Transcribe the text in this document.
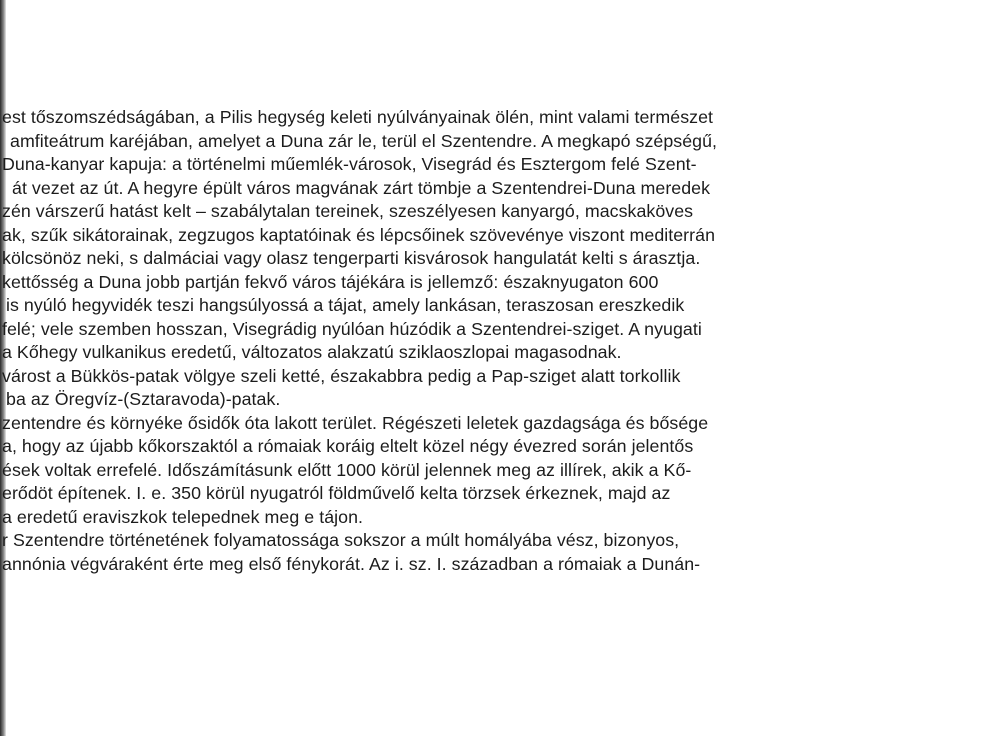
est tőszomszédságában, a Pilis hegység keleti nyúlványainak ölén, mint valami természet
amfiteátrum karéjában, amelyet a Duna zár le, terül el Szentendre. A megkapó szépségű,
Duna-kanyar kapuja: a történelmi műemlék-városok, Visegrád és Esztergom felé Szent-
át vezet az út. A hegyre épült város magvának zárt tömbje a Szentendrei-Duna meredek
zén várszerű hatást kelt – szabálytalan tereinek, szeszélyesen kanyargó, macskaköves
ak, szűk sikátorainak, zegzugos kaptatóinak és lépcsőinek szövevénye viszont mediterrán
kölcsönöz neki, s dalmáciai vagy olasz tengerparti kisvárosok hangulatát kelti s árasztja.
kettősség a Duna jobb partján fekvő város tájékára is jellemző: északnyugaton 600
is nyúló hegyvidék teszi hangsúlyossá a tájat, amely lankásan, teraszosan ereszkedik
felé; vele szemben hosszan, Visegrádig nyúlóan húzódik a Szentendrei-sziget. A nyugati
a Kőhegy vulkanikus eredetű, változatos alakzatú sziklaoszlopai magasodnak.
várost a Bükkös-patak völgye szeli ketté, északabbra pedig a Pap-sziget alatt torkollik
ba az Öregvíz-(Sztaravoda)-patak.
zentendre és környéke ősidők óta lakott terület. Régészeti leletek gazdagsága és bősége
a, hogy az újabb kőkorszaktól a rómaiak koráig eltelt közel négy évezred során jelentős
ések voltak errefelé. Időszámításunk előtt 1000 körül jelennek meg az illírek, akik a Kő-
erődöt építenek. I. e. 350 körül nyugatról földművelő kelta törzsek érkeznek, majd az
a eredetű eraviszkok telepednek meg e tájon.
r Szentendre történetének folyamatossága sokszor a múlt homályába vész, bizonyos,
annónia végváraként érte meg első fénykorát. Az i. sz. I. században a rómaiak a Dunán-
